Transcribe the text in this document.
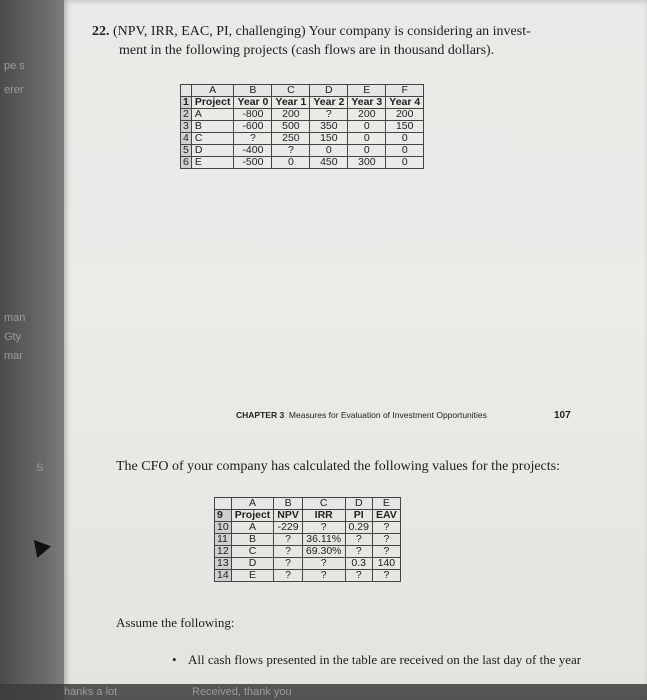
pe s
erer
man
Gty
mar
S
22. (NPV, IRR, EAC, PI, challenging) Your company is considering an invest-
ment in the following projects (cash flows are in thousand dollars).
	A	B	C	D	E	F
1	Project	Year 0	Year 1	Year 2	Year 3	Year 4
2	A	-800	200	?	200	200
3	B	-600	500	350	0	150
4	C	?	250	150	0	0
5	D	-400	?	0	0	0
6	E	-500	0	450	300	0
CHAPTER 3 Measures for Evaluation of Investment Opportunities	107
The CFO of your company has calculated the following values for the projects:
	A	B	C	D	E
9	Project	NPV	IRR	PI	EAV
10	A	-229	?	0.29	?
11	B	?	36.11%	?	?
12	C	?	69.30%	?	?
13	D	?	?	0.3	140
14	E	?	?	?	?
Assume the following:
• All cash flows presented in the table are received on the last day of the year
hanks a lot	Received, thank you
